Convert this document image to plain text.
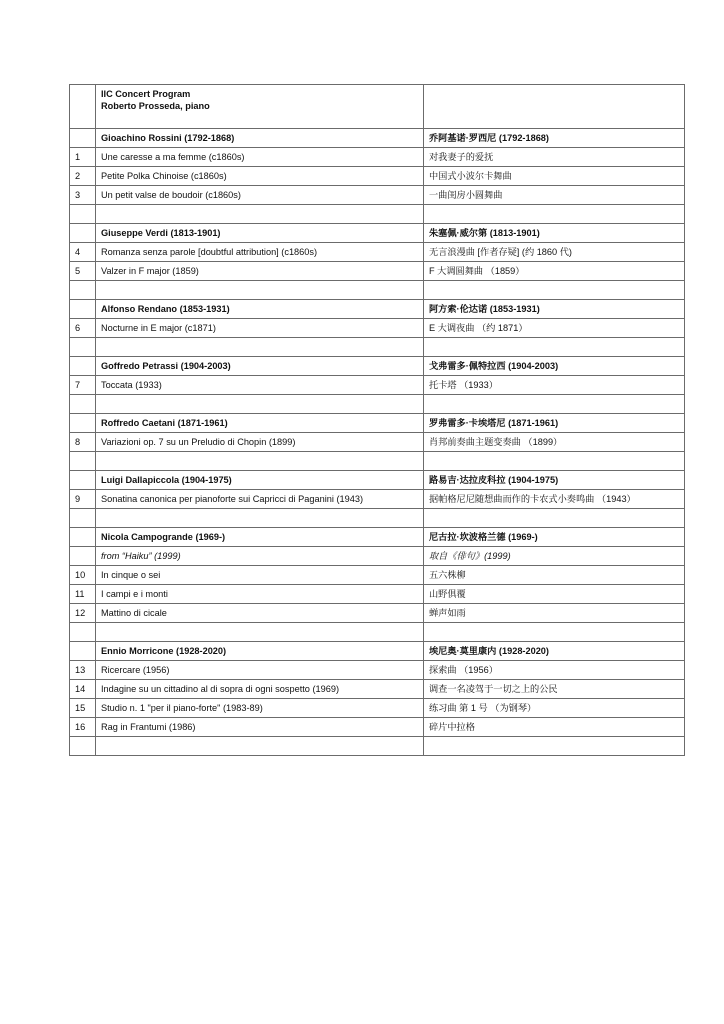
	IIC Concert Program
Roberto Prosseda, piano	

	Gioachino Rossini (1792-1868)	乔阿基诺·罗西尼 (1792-1868)
1	Une caresse a ma femme (c1860s)	对我妻子的爱抚
2	Petite Polka Chinoise (c1860s)	中国式小波尔卡舞曲
3	Un petit valse de boudoir (c1860s)	一曲闺房小圆舞曲

	Giuseppe Verdi (1813-1901)	朱塞佩·威尔第 (1813-1901)
4	Romanza senza parole [doubtful attribution] (c1860s)	无言浪漫曲 [作者存疑] (约 1860 代)
5	Valzer in F major (1859)	F 大调圆舞曲 （1859）

	Alfonso Rendano (1853-1931)	阿方索·伦达诺 (1853-1931)
6	Nocturne in E major (c1871)	E 大调夜曲 （约 1871）

	Goffredo Petrassi (1904-2003)	戈弗雷多·佩特拉西 (1904-2003)
7	Toccata (1933)	托卡塔 （1933）

	Roffredo Caetani (1871-1961)	罗弗雷多·卡埃塔尼 (1871-1961)
8	Variazioni op. 7 su un Preludio di Chopin (1899)	肖邦前奏曲主题变奏曲 （1899）

	Luigi Dallapiccola (1904-1975)	路易吉·达拉皮科拉 (1904-1975)
9	Sonatina canonica per pianoforte sui Capricci di Paganini (1943)	据帕格尼尼随想曲而作的卡农式小奏鸣曲 （1943）

	Nicola Campogrande (1969-)	尼古拉·坎波格兰德 (1969-)
	from “Haiku” (1999)	取自《俳句》(1999)
10	In cinque o sei	五六株柳
11	I campi e i monti	山野俱覆
12	Mattino di cicale	蝉声如雨

	Ennio Morricone (1928-2020)	埃尼奥·莫里康内 (1928-2020)
13	Ricercare (1956)	探索曲 （1956）
14	Indagine su un cittadino al di sopra di ogni sospetto (1969)	调查一名凌驾于一切之上的公民
15	Studio n. 1 "per il piano-forte" (1983-89)	练习曲 第 1 号 （为钢琴）
16	Rag in Frantumi (1986)	碎片中拉格
